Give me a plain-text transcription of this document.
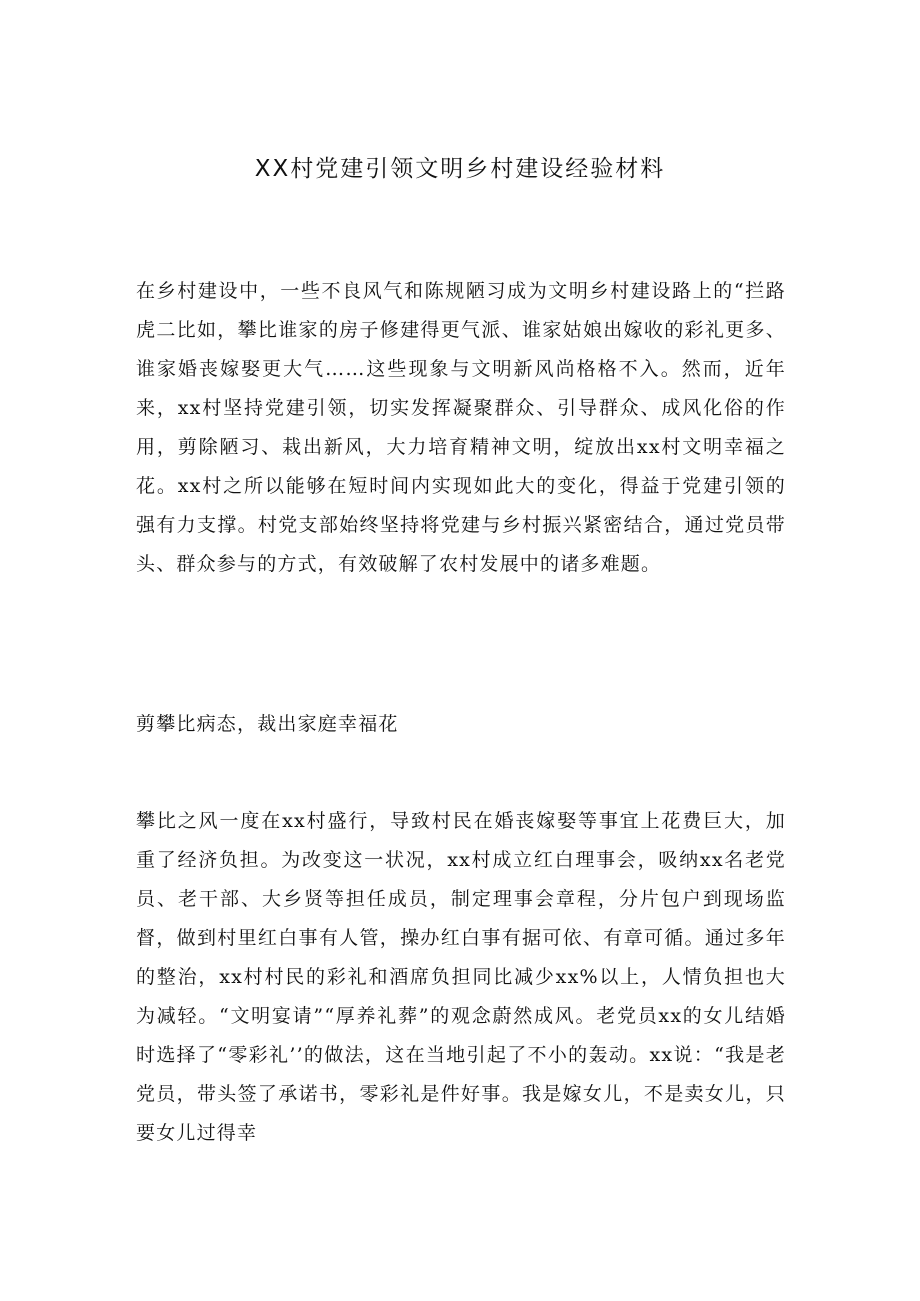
XX村党建引领文明乡村建设经验材料

在乡村建设中，一些不良风气和陈规陋习成为文明乡村建设路上的“拦路虎二比如，攀比谁家的房子修建得更气派、谁家姑娘出嫁收的彩礼更多、谁家婚丧嫁娶更大气……这些现象与文明新风尚格格不入。然而，近年来，xx村坚持党建引领，切实发挥凝聚群众、引导群众、成风化俗的作用，剪除陋习、栽出新风，大力培育精神文明，绽放出xx村文明幸福之花。xx村之所以能够在短时间内实现如此大的变化，得益于党建引领的强有力支撑。村党支部始终坚持将党建与乡村振兴紧密结合，通过党员带头、群众参与的方式，有效破解了农村发展中的诸多难题。

剪攀比病态，裁出家庭幸福花

攀比之风一度在xx村盛行，导致村民在婚丧嫁娶等事宜上花费巨大，加重了经济负担。为改变这一状况，xx村成立红白理事会，吸纳xx名老党员、老干部、大乡贤等担任成员，制定理事会章程，分片包户到现场监督，做到村里红白事有人管，操办红白事有据可依、有章可循。通过多年的整治，xx村村民的彩礼和酒席负担同比减少xx%以上，人情负担也大为减轻。“文明宴请”“厚养礼葬”的观念蔚然成风。老党员xx的女儿结婚时选择了“零彩礼’’的做法，这在当地引起了不小的轰动。xx说：“我是老党员，带头签了承诺书，零彩礼是件好事。我是嫁女儿，不是卖女儿，只要女儿过得幸
